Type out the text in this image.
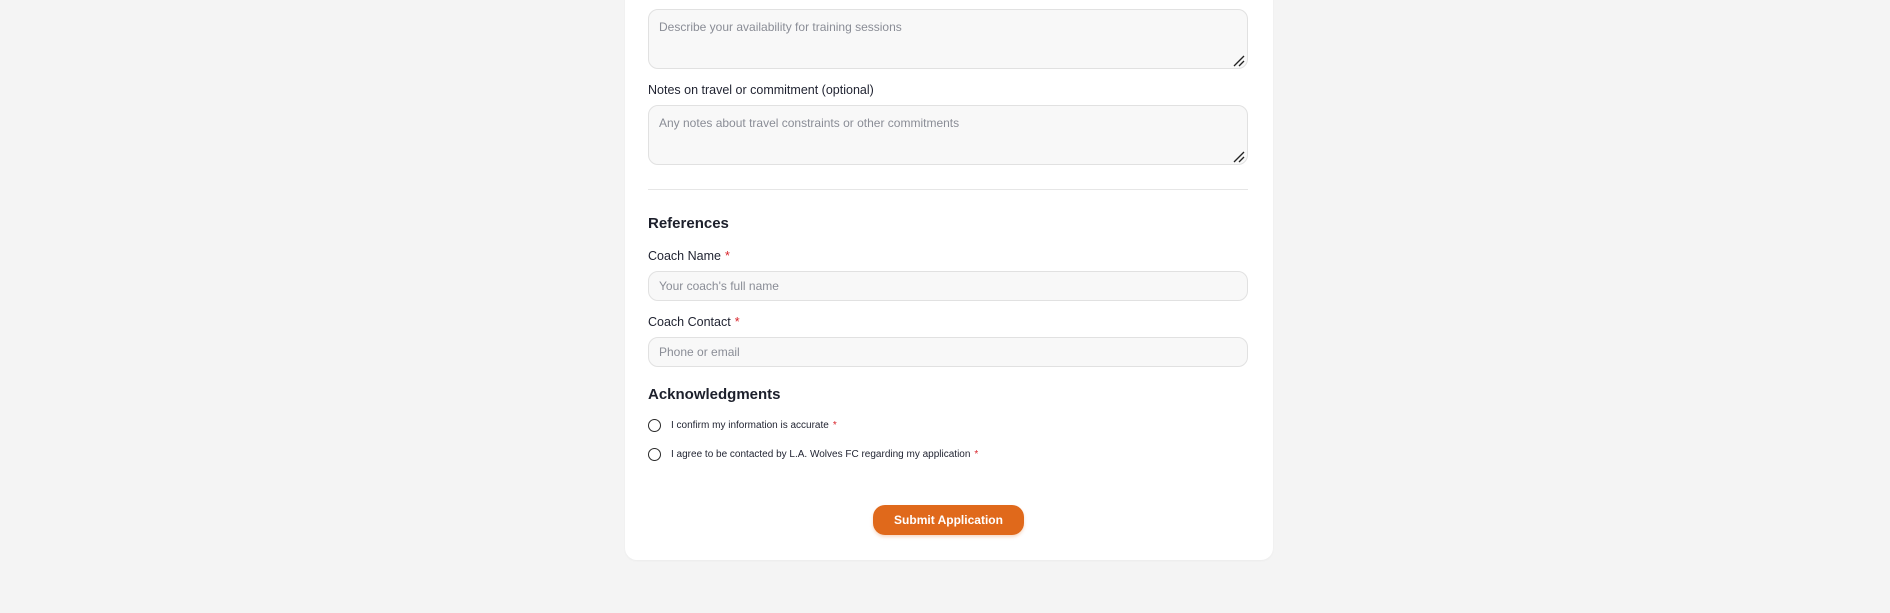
Describe your availability for training sessions
Notes on travel or commitment (optional)
Any notes about travel constraints or other commitments
References
Coach Name *
Your coach's full name
Coach Contact *
Phone or email
Acknowledgments
I confirm my information is accurate *
I agree to be contacted by L.A. Wolves FC regarding my application *
Submit Application
